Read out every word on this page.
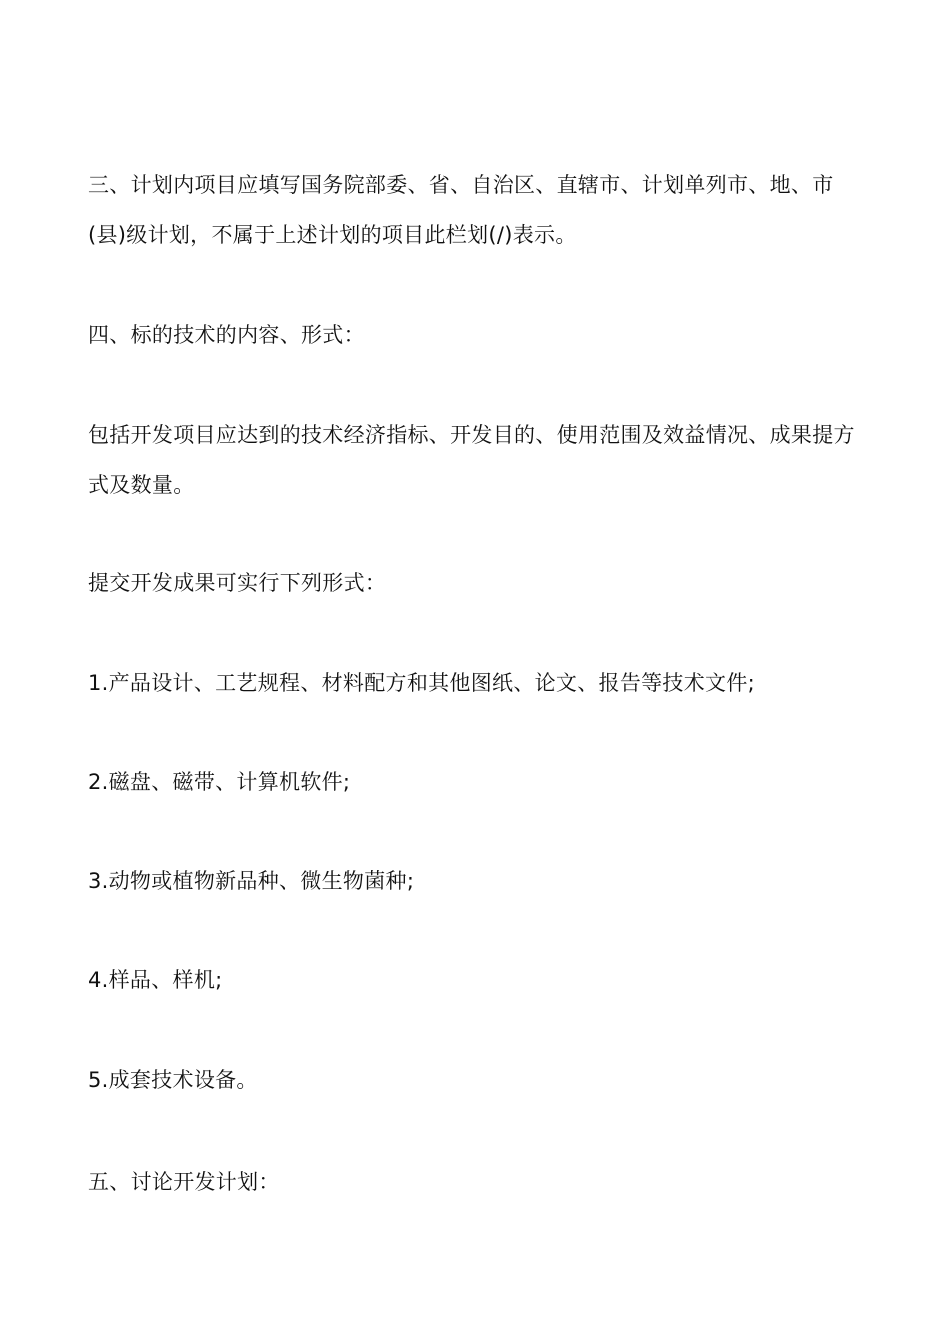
三、计划内项目应填写国务院部委、省、自治区、直辖市、计划单列市、地、市(县)级计划，不属于上述计划的项目此栏划(/)表示。

四、标的技术的内容、形式：

包括开发项目应达到的技术经济指标、开发目的、使用范围及效益情况、成果提方式及数量。

提交开发成果可实行下列形式：

1.产品设计、工艺规程、材料配方和其他图纸、论文、报告等技术文件;

2.磁盘、磁带、计算机软件;

3.动物或植物新品种、微生物菌种;

4.样品、样机;

5.成套技术设备。

五、讨论开发计划：
